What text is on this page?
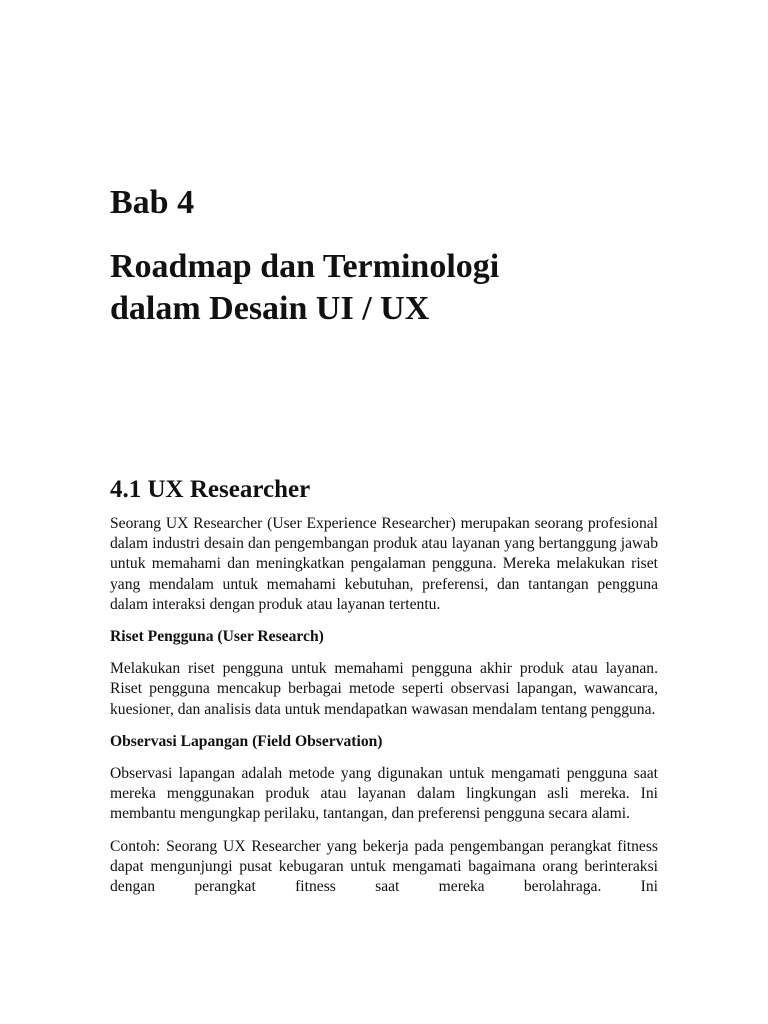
Bab 4
Roadmap dan Terminologi
dalam Desain UI / UX
4.1 UX Researcher

Seorang UX Researcher (User Experience Researcher) merupakan seorang profesional dalam industri desain dan pengembangan produk atau layanan yang bertanggung jawab untuk memahami dan meningkatkan pengalaman pengguna. Mereka melakukan riset yang mendalam untuk memahami kebutuhan, preferensi, dan tantangan pengguna dalam interaksi dengan produk atau layanan tertentu.

Riset Pengguna (User Research)

Melakukan riset pengguna untuk memahami pengguna akhir produk atau layanan. Riset pengguna mencakup berbagai metode seperti observasi lapangan, wawancara, kuesioner, dan analisis data untuk mendapatkan wawasan mendalam tentang pengguna.

Observasi Lapangan (Field Observation)

Observasi lapangan adalah metode yang digunakan untuk mengamati pengguna saat mereka menggunakan produk atau layanan dalam lingkungan asli mereka. Ini membantu mengungkap perilaku, tantangan, dan preferensi pengguna secara alami.

Contoh: Seorang UX Researcher yang bekerja pada pengembangan perangkat fitness dapat mengunjungi pusat kebugaran untuk mengamati bagaimana orang berinteraksi dengan perangkat fitness saat mereka berolahraga. Ini
